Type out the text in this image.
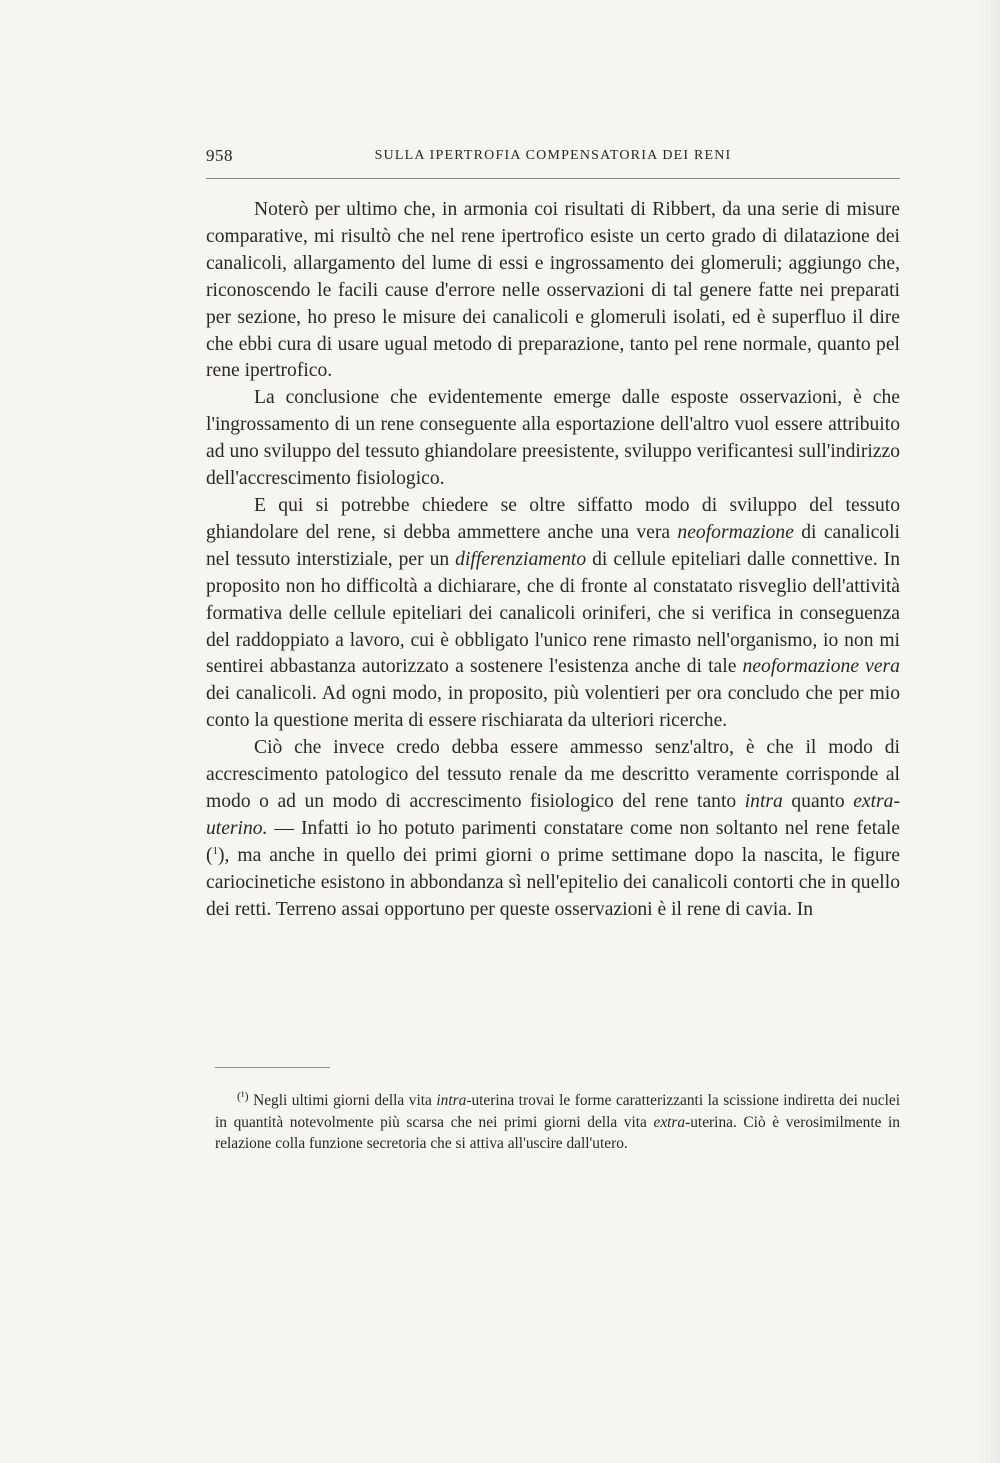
958	SULLA IPERTROFIA COMPENSATORIA DEI RENI

Noterò per ultimo che, in armonia coi risultati di Ribbert, da una serie di misure comparative, mi risultò che nel rene ipertrofico esiste un certo grado di dilatazione dei canalicoli, allargamento del lume di essi e ingrossamento dei glomeruli; aggiungo che, riconoscendo le facili cause d'errore nelle osservazioni di tal genere fatte nei preparati per sezione, ho preso le misure dei canalicoli e glomeruli isolati, ed è superfluo il dire che ebbi cura di usare ugual metodo di preparazione, tanto pel rene normale, quanto pel rene ipertrofico.

La conclusione che evidentemente emerge dalle esposte osservazioni, è che l'ingrossamento di un rene conseguente alla esportazione dell'altro vuol essere attribuito ad uno sviluppo del tessuto ghiandolare preesistente, sviluppo verificantesi sull'indirizzo dell'accrescimento fisiologico.

E qui si potrebbe chiedere se oltre siffatto modo di sviluppo del tessuto ghiandolare del rene, si debba ammettere anche una vera neoformazione di canalicoli nel tessuto interstiziale, per un differenziamento di cellule epiteliari dalle connettive. In proposito non ho difficoltà a dichiarare, che di fronte al constatato risveglio dell'attività formativa delle cellule epiteliari dei canalicoli oriniferi, che si verifica in conseguenza del raddoppiato a lavoro, cui è obbligato l'unico rene rimasto nell'organismo, io non mi sentirei abbastanza autorizzato a sostenere l'esistenza anche di tale neoformazione vera dei canalicoli. Ad ogni modo, in proposito, più volentieri per ora concludo che per mio conto la questione merita di essere rischiarata da ulteriori ricerche.

Ciò che invece credo debba essere ammesso senz'altro, è che il modo di accrescimento patologico del tessuto renale da me descritto veramente corrisponde al modo o ad un modo di accrescimento fisiologico del rene tanto intra quanto extra-uterino. — Infatti io ho potuto parimenti constatare come non soltanto nel rene fetale ($^1$), ma anche in quello dei primi giorni o prime settimane dopo la nascita, le figure cariocinetiche esistono in abbondanza sì nell'epitelio dei canalicoli contorti che in quello dei retti. Terreno assai opportuno per queste osservazioni è il rene di cavia. In

$^{(^1)}$ Negli ultimi giorni della vita intra-uterina trovai le forme caratterizzanti la scissione indiretta dei nuclei in quantità notevolmente più scarsa che nei primi giorni della vita extra-uterina. Ciò è verosimilmente in relazione colla funzione secretoria che si attiva all'uscire dall'utero.
